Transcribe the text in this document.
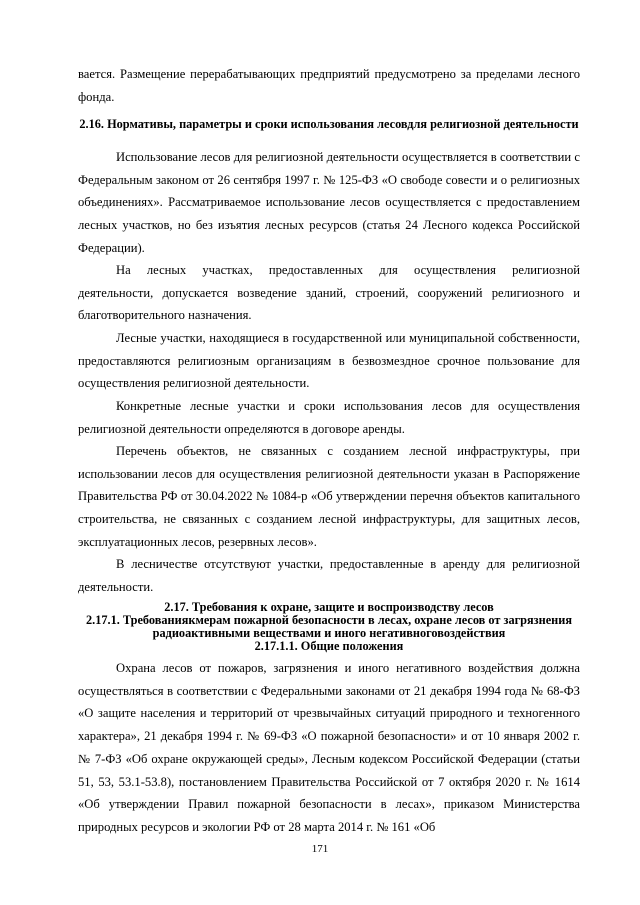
вается. Размещение перерабатывающих предприятий предусмотрено за пределами лесного фонда.

2.16. Нормативы, параметры и сроки использования лесовдля религиозной деятельности

Использование лесов для религиозной деятельности осуществляется в соответствии с Федеральным законом от 26 сентября 1997 г. № 125-ФЗ «О свободе совести и о религиозных объединениях». Рассматриваемое использование лесов осуществляется с предоставлением лесных участков, но без изъятия лесных ресурсов (статья 24 Лесного кодекса Российской Федерации).

На лесных участках, предоставленных для осуществления религиозной деятельности, допускается возведение зданий, строений, сооружений религиозного и благотворительного назначения.

Лесные участки, находящиеся в государственной или муниципальной собственности, предоставляются религиозным организациям в безвозмездное срочное пользование для осуществления религиозной деятельности.

Конкретные лесные участки и сроки использования лесов для осуществления религиозной деятельности определяются в договоре аренды.

Перечень объектов, не связанных с созданием лесной инфраструктуры, при использовании лесов для осуществления религиозной деятельности указан в Распоряжение Правительства РФ от 30.04.2022 № 1084-р «Об утверждении перечня объектов капитального строительства, не связанных с созданием лесной инфраструктуры, для защитных лесов, эксплуатационных лесов, резервных лесов».

В лесничестве отсутствуют участки, предоставленные в аренду для религиозной деятельности.

2.17. Требования к охране, защите и воспроизводству лесов

2.17.1. Требованиякмерам пожарной безопасности в лесах, охране лесов от загрязнения радиоактивными веществами и иного негативноговоздействия

2.17.1.1. Общие положения

Охрана лесов от пожаров, загрязнения и иного негативного воздействия должна осуществляться в соответствии с Федеральными законами от 21 декабря 1994 года № 68-ФЗ «О защите населения и территорий от чрезвычайных ситуаций природного и техногенного характера», 21 декабря 1994 г. № 69-ФЗ «О пожарной безопасности» и от 10 января 2002 г. № 7-ФЗ «Об охране окружающей среды», Лесным кодексом Российской Федерации (статьи 51, 53, 53.1-53.8), постановлением Правительства Российской от 7 октября 2020 г. № 1614 «Об утверждении Правил пожарной безопасности в лесах», приказом Министерства природных ресурсов и экологии РФ от 28 марта 2014 г. № 161 «Об

171
